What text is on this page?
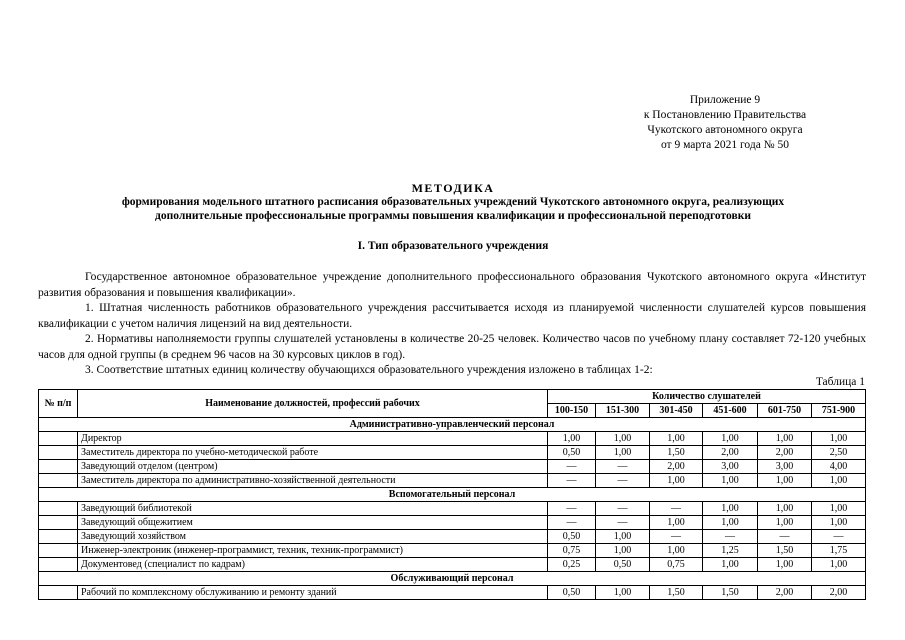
Приложение 9
к Постановлению Правительства
Чукотского автономного округа
от 9 марта 2021 года № 50
МЕТОДИКА
формирования модельного штатного расписания образовательных учреждений Чукотского автономного округа, реализующих
дополнительные профессиональные программы повышения квалификации и профессиональной переподготовки
I. Тип образовательного учреждения

Государственное автономное образовательное учреждение дополнительного профессионального образования Чукотского автономного округа «Институт развития образования и повышения квалификации».

1. Штатная численность работников образовательного учреждения рассчитывается исходя из планируемой численности слушателей курсов повышения квалификации с учетом наличия лицензий на вид деятельности.

2. Нормативы наполняемости группы слушателей установлены в количестве 20-25 человек. Количество часов по учебному плану составляет 72-120 учебных часов для одной группы (в среднем 96 часов на 30 курсовых циклов в год).

3. Соответствие штатных единиц количеству обучающихся образовательного учреждения изложено в таблицах 1-2:

Таблица 1
№ п/п	Наименование должностей, профессий рабочих	Количество слушателей					
		100-150	151-300	301-450	451-600	601-750	751-900
Административно-управленческий персонал							
	Директор	1,00	1,00	1,00	1,00	1,00	1,00
	Заместитель директора по учебно-методической работе	0,50	1,00	1,50	2,00	2,00	2,50
	Заведующий отделом (центром)	—	—	2,00	3,00	3,00	4,00
	Заместитель директора по административно-хозяйственной деятельности	—	—	1,00	1,00	1,00	1,00
Вспомогательный персонал							
	Заведующий библиотекой	—	—	—	1,00	1,00	1,00
	Заведующий общежитием	—	—	1,00	1,00	1,00	1,00
	Заведующий хозяйством	0,50	1,00	—	—	—	—
	Инженер-электроник (инженер-программист, техник, техник-программист)	0,75	1,00	1,00	1,25	1,50	1,75
	Документовед (специалист по кадрам)	0,25	0,50	0,75	1,00	1,00	1,00
Обслуживающий персонал							
	Рабочий по комплексному обслуживанию и ремонту зданий	0,50	1,00	1,50	1,50	2,00	2,00
